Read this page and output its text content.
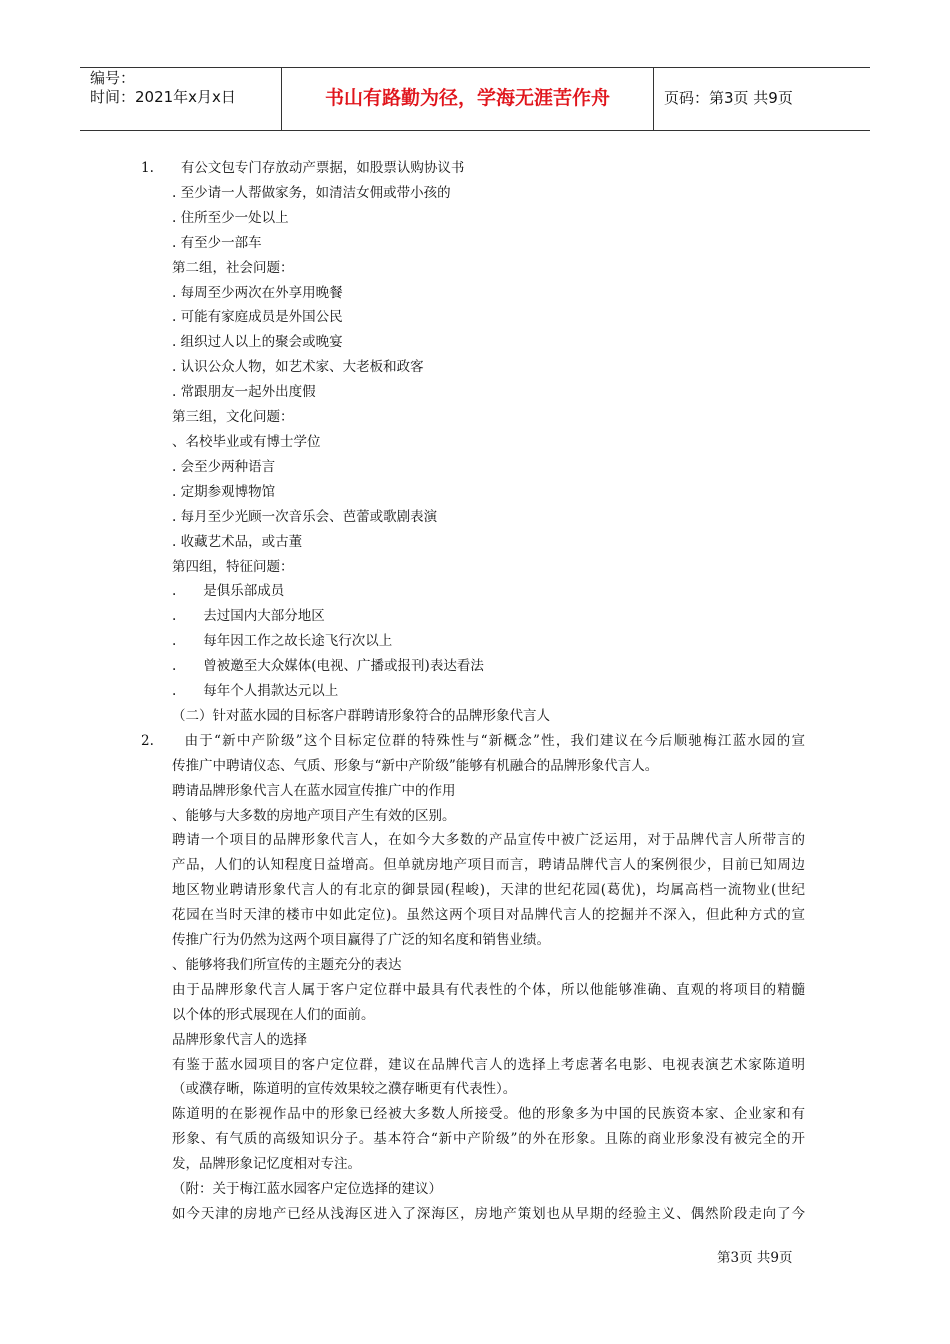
编号：
时间：2021年x月x日	书山有路勤为径，学海无涯苦作舟	页码：第3页 共9页
1.　　有公文包专门存放动产票据，如股票认购协议书
. 至少请一人帮做家务，如清洁女佣或带小孩的
. 住所至少一处以上
. 有至少一部车
第二组，社会问题：
. 每周至少两次在外享用晚餐
. 可能有家庭成员是外国公民
. 组织过人以上的聚会或晚宴
. 认识公众人物，如艺术家、大老板和政客
. 常跟朋友一起外出度假
第三组，文化问题：
、名校毕业或有博士学位
. 会至少两种语言
. 定期参观博物馆
. 每月至少光顾一次音乐会、芭蕾或歌剧表演
. 收藏艺术品，或古董
第四组，特征问题：
.　　是俱乐部成员
.　　去过国内大部分地区
.　　每年因工作之故长途飞行次以上
.　　曾被邀至大众媒体(电视、广播或报刊)表达看法
.　　每年个人捐款达元以上
（二）针对蓝水园的目标客户群聘请形象符合的品牌形象代言人
2.　　由于“新中产阶级”这个目标定位群的特殊性与“新概念”性，我们建议在今后顺驰梅江蓝水园的宣
传推广中聘请仪态、气质、形象与“新中产阶级”能够有机融合的品牌形象代言人。
聘请品牌形象代言人在蓝水园宣传推广中的作用
、能够与大多数的房地产项目产生有效的区别。
聘请一个项目的品牌形象代言人，在如今大多数的产品宣传中被广泛运用，对于品牌代言人所带言的
产品，人们的认知程度日益增高。但单就房地产项目而言，聘请品牌代言人的案例很少，目前已知周边
地区物业聘请形象代言人的有北京的御景园(程峻)，天津的世纪花园(葛优)，均属高档一流物业(世纪
花园在当时天津的楼市中如此定位)。虽然这两个项目对品牌代言人的挖掘并不深入，但此种方式的宣
传推广行为仍然为这两个项目赢得了广泛的知名度和销售业绩。
、能够将我们所宣传的主题充分的表达
由于品牌形象代言人属于客户定位群中最具有代表性的个体，所以他能够准确、直观的将项目的精髓
以个体的形式展现在人们的面前。
品牌形象代言人的选择
有鉴于蓝水园项目的客户定位群，建议在品牌代言人的选择上考虑著名电影、电视表演艺术家陈道明
（或濮存晰，陈道明的宣传效果较之濮存晰更有代表性）。
陈道明的在影视作品中的形象已经被大多数人所接受。他的形象多为中国的民族资本家、企业家和有
形象、有气质的高级知识分子。基本符合“新中产阶级”的外在形象。且陈的商业形象没有被完全的开
发，品牌形象记忆度相对专注。
（附：关于梅江蓝水园客户定位选择的建议）
如今天津的房地产已经从浅海区进入了深海区，房地产策划也从早期的经验主义、偶然阶段走向了今
第3页 共9页
